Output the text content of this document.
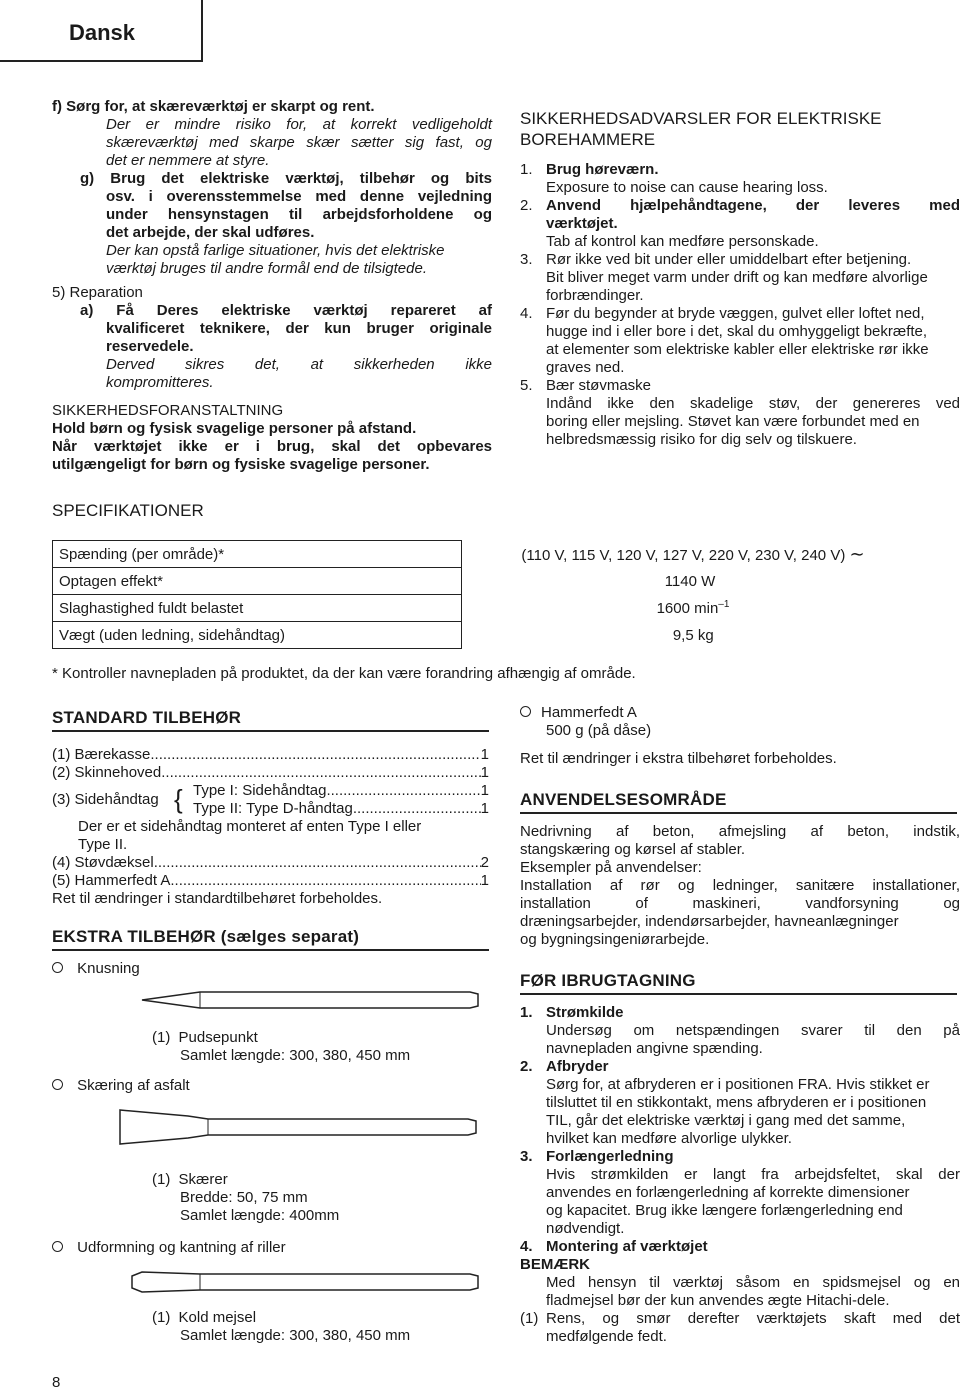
Dansk
f) Sørg for, at skæreværktøj er skarpt og rent.
Der er mindre risiko for, at korrekt vedligeholdt
skæreværktøj med skarpe skær sætter sig fast, og
det er nemmere at styre.
g) Brug det elektriske værktøj, tilbehør og bits
osv. i overensstemmelse med denne vejledning
under hensynstagen til arbejdsforholdene og
det arbejde, der skal udføres.
Der kan opstå farlige situationer, hvis det elektriske
værktøj bruges til andre formål end de tilsigtede.
5) Reparation
a) Få Deres elektriske værktøj repareret af
kvalificeret teknikere, der kun bruger originale
reservedele.
Derved sikres det, at sikkerheden ikke
kompromitteres.
SIKKERHEDSFORANSTALTNING
Hold børn og fysisk svagelige personer på afstand.
Når værktøjet ikke er i brug, skal det opbevares
utilgængeligt for børn og fysiske svagelige personer.
SIKKERHEDSADVARSLER FOR ELEKTRISKE
BOREHAMMERE
1. Brug høreværn.
Exposure to noise can cause hearing loss.
2. Anvend hjælpehåndtagene, der leveres med
værktøjet.
Tab af kontrol kan medføre personskade.
3. Rør ikke ved bit under eller umiddelbart efter betjening.
Bit bliver meget varm under drift og kan medføre alvorlige
forbrændinger.
4. Før du begynder at bryde væggen, gulvet eller loftet ned,
hugge ind i eller bore i det, skal du omhyggeligt bekræfte,
at elementer som elektriske kabler eller elektriske rør ikke
graves ned.
5. Bær støvmaske
Indånd ikke den skadelige støv, der genereres ved
boring eller mejsling. Støvet kan være forbundet med en
helbredsmæssig risiko for dig selv og tilskuere.
SPECIFIKATIONER
Spænding (per område)*	(110 V, 115 V, 120 V, 127 V, 220 V, 230 V, 240 V) ∼
Optagen effekt*	1140 W
Slaghastighed fuldt belastet	1600 $\min^{-1}$
Vægt (uden ledning, sidehåndtag)	9,5 kg
* Kontroller navnepladen på produktet, da der kan være forandring afhængig af område.
STANDARD TILBEHØR
(1) Bærekasse .....	1
(2) Skinnehoved .....	1
(3) Sidehåndtag { Type I: Sidehåndtag .....	1
Type II: Type D-håndtag .....	1
Der er et sidehåndtag monteret af enten Type I eller
Type II.
(4) Støvdæksel .....	2
(5) Hammerfedt A .....	1
Ret til ændringer i standardtilbehøret forbeholdes.
EKSTRA TILBEHØR (sælges separat)
Knusning
(1) Pudsepunkt
Samlet længde: 300, 380, 450 mm
Skæring af asfalt
(1) Skærer
Bredde: 50, 75 mm
Samlet længde: 400mm
Udformning og kantning af riller
(1) Kold mejsel
Samlet længde: 300, 380, 450 mm
Hammerfedt A
500 g (på dåse)
Ret til ændringer i ekstra tilbehøret forbeholdes.
ANVENDELSESOMRÅDE
Nedrivning af beton, afmejsling af beton, indstik,
stangskæring og kørsel af stabler.
Eksempler på anvendelser:
Installation af rør og ledninger, sanitære installationer,
installation of maskineri, vandforsyning og
dræningsarbejder, indendørsarbejder, havneanlægninger
og bygningsingeniørarbejde.
FØR IBRUGTAGNING
1. Strømkilde
Undersøg om netspændingen svarer til den på
navnepladen angivne spænding.
2. Afbryder
Sørg for, at afbryderen er i positionen FRA. Hvis stikket er
tilsluttet til en stikkontakt, mens afbryderen er i positionen
TIL, går det elektriske værktøj i gang med det samme,
hvilket kan medføre alvorlige ulykker.
3. Forlængerledning
Hvis strømkilden er langt fra arbejdsfeltet, skal der
anvendes en forlængerledning af korrekte dimensioner
og kapacitet. Brug ikke længere forlængerledning end
nødvendigt.
4. Montering af værktøjet
BEMÆRK
Med hensyn til værktøj såsom en spidsmejsel og en
fladmejsel bør der kun anvendes ægte Hitachi-dele.
(1) Rens, og smør derefter værktøjets skaft med det
medfølgende fedt.
8
